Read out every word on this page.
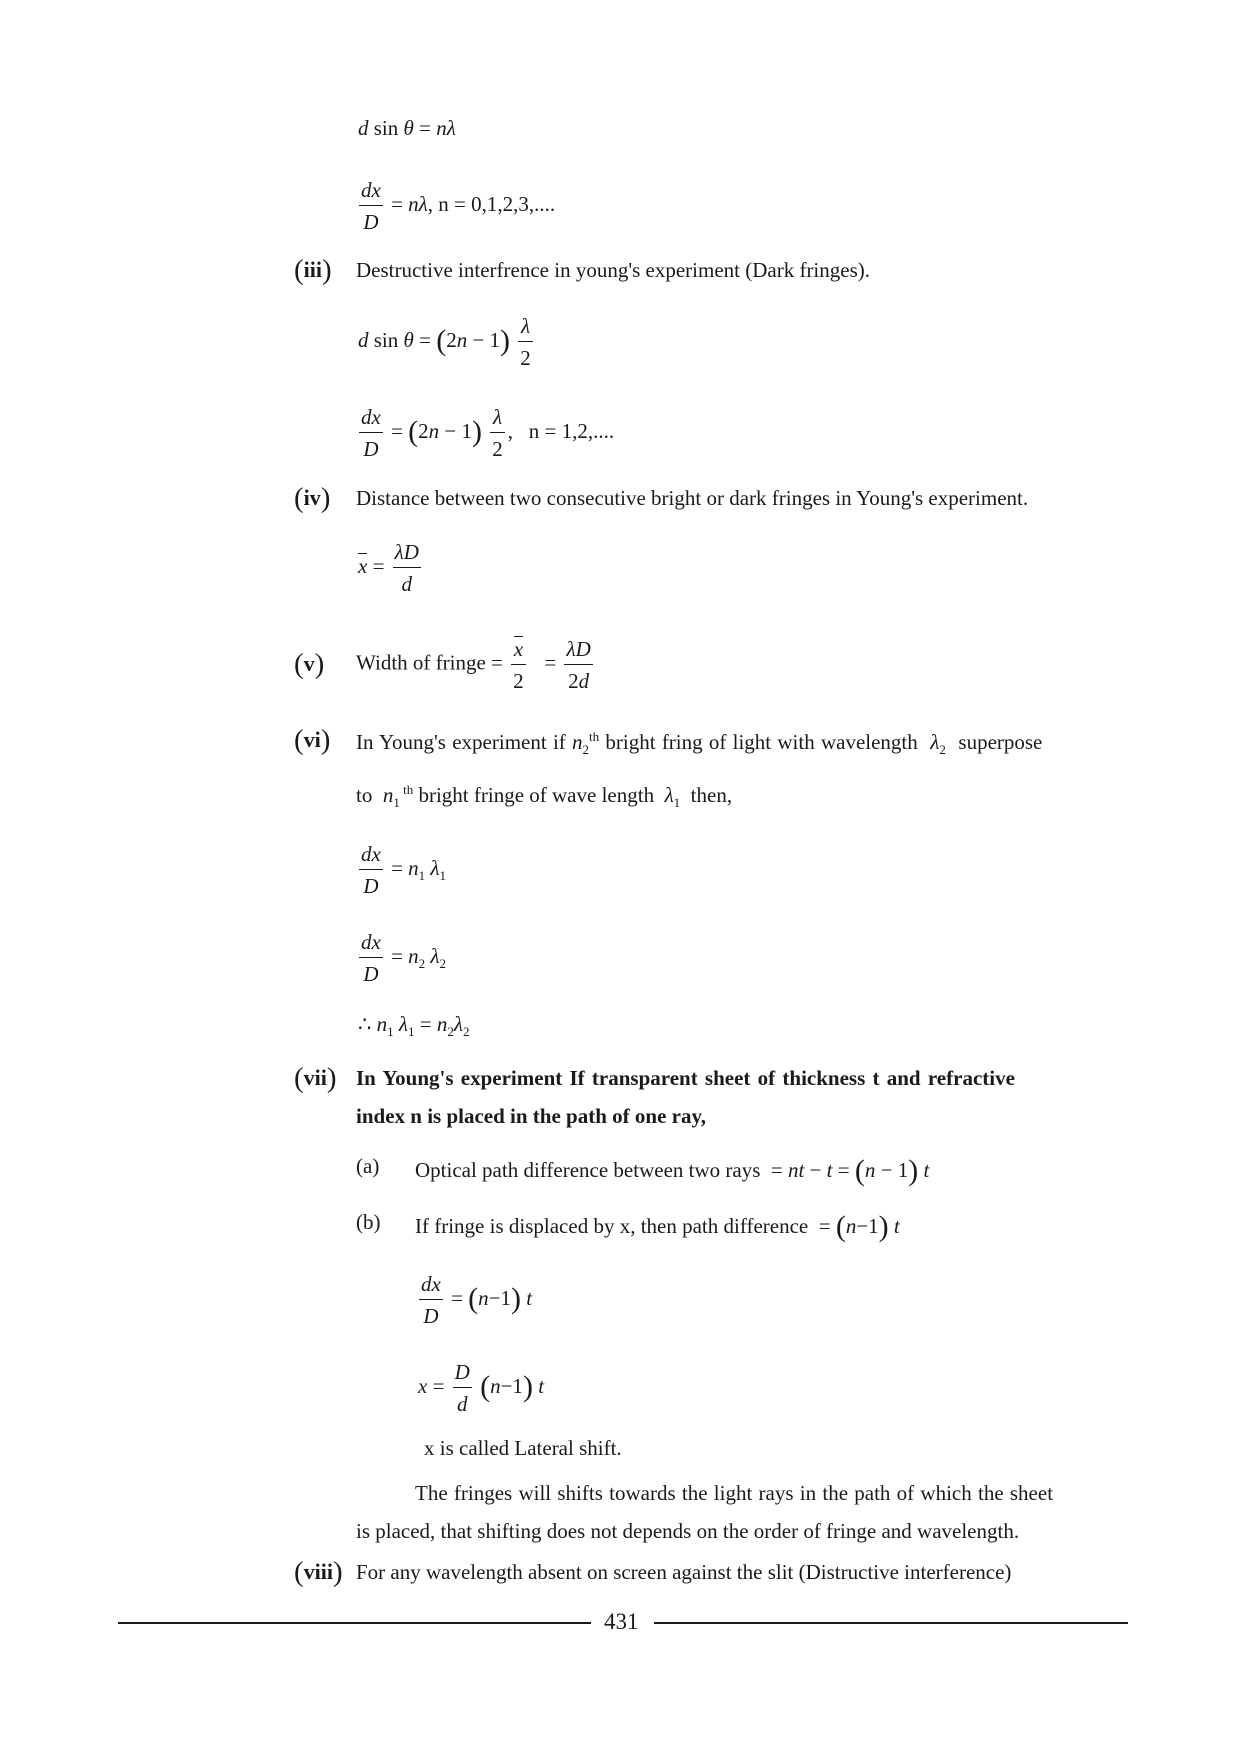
d sin θ = nλ
$\frac{dx}{D} = n\lambda$, n = 0,1,2,3,....
(iii) Destructive interfrence in young's experiment (Dark fringes).
d $\sin \theta = (2n - 1) \frac{\lambda}{2}$
$\frac{dx}{D} = (2n - 1) \frac{\lambda}{2}$ ,   n = 1,2,....
(iv) Distance between two consecutive bright or dark fringes in Young's experiment.
$x = \frac{\lambda D}{d}$
(v) Width of fringe = $\frac{x}{2} = \frac{\lambda D}{2d}$
(vi) In Young's experiment if $n_2^{th}$ bright fring of light with wavelength $\lambda_2$ superpose
to $n_1$ $^{th}$ bright fringe of wave length $\lambda_1$ then,
$\frac{dx}{D} = n_1$ $\lambda_1$
$\frac{dx}{D} = n_2$ $\lambda_2$
∴ $n_1$ $\lambda_1 = n_2\lambda_2$
(vii) In Young's experiment If transparent sheet of thickness t and refractive
index n is placed in the path of one ray,
(a) Optical path difference between two rays  = nt − t = (n − 1) t
(b) If fringe is displaced by x, then path difference  = (n−1) t
$\frac{dx}{D} = (n-1)$ t
$x = \frac{D}{d} (n-1)$ t
x is called Lateral shift.
The fringes will shifts towards the light rays in the path of which the sheet
is placed, that shifting does not depends on the order of fringe and wavelength.
(viii) For any wavelength absent on screen against the slit (Distructive interference)
431
